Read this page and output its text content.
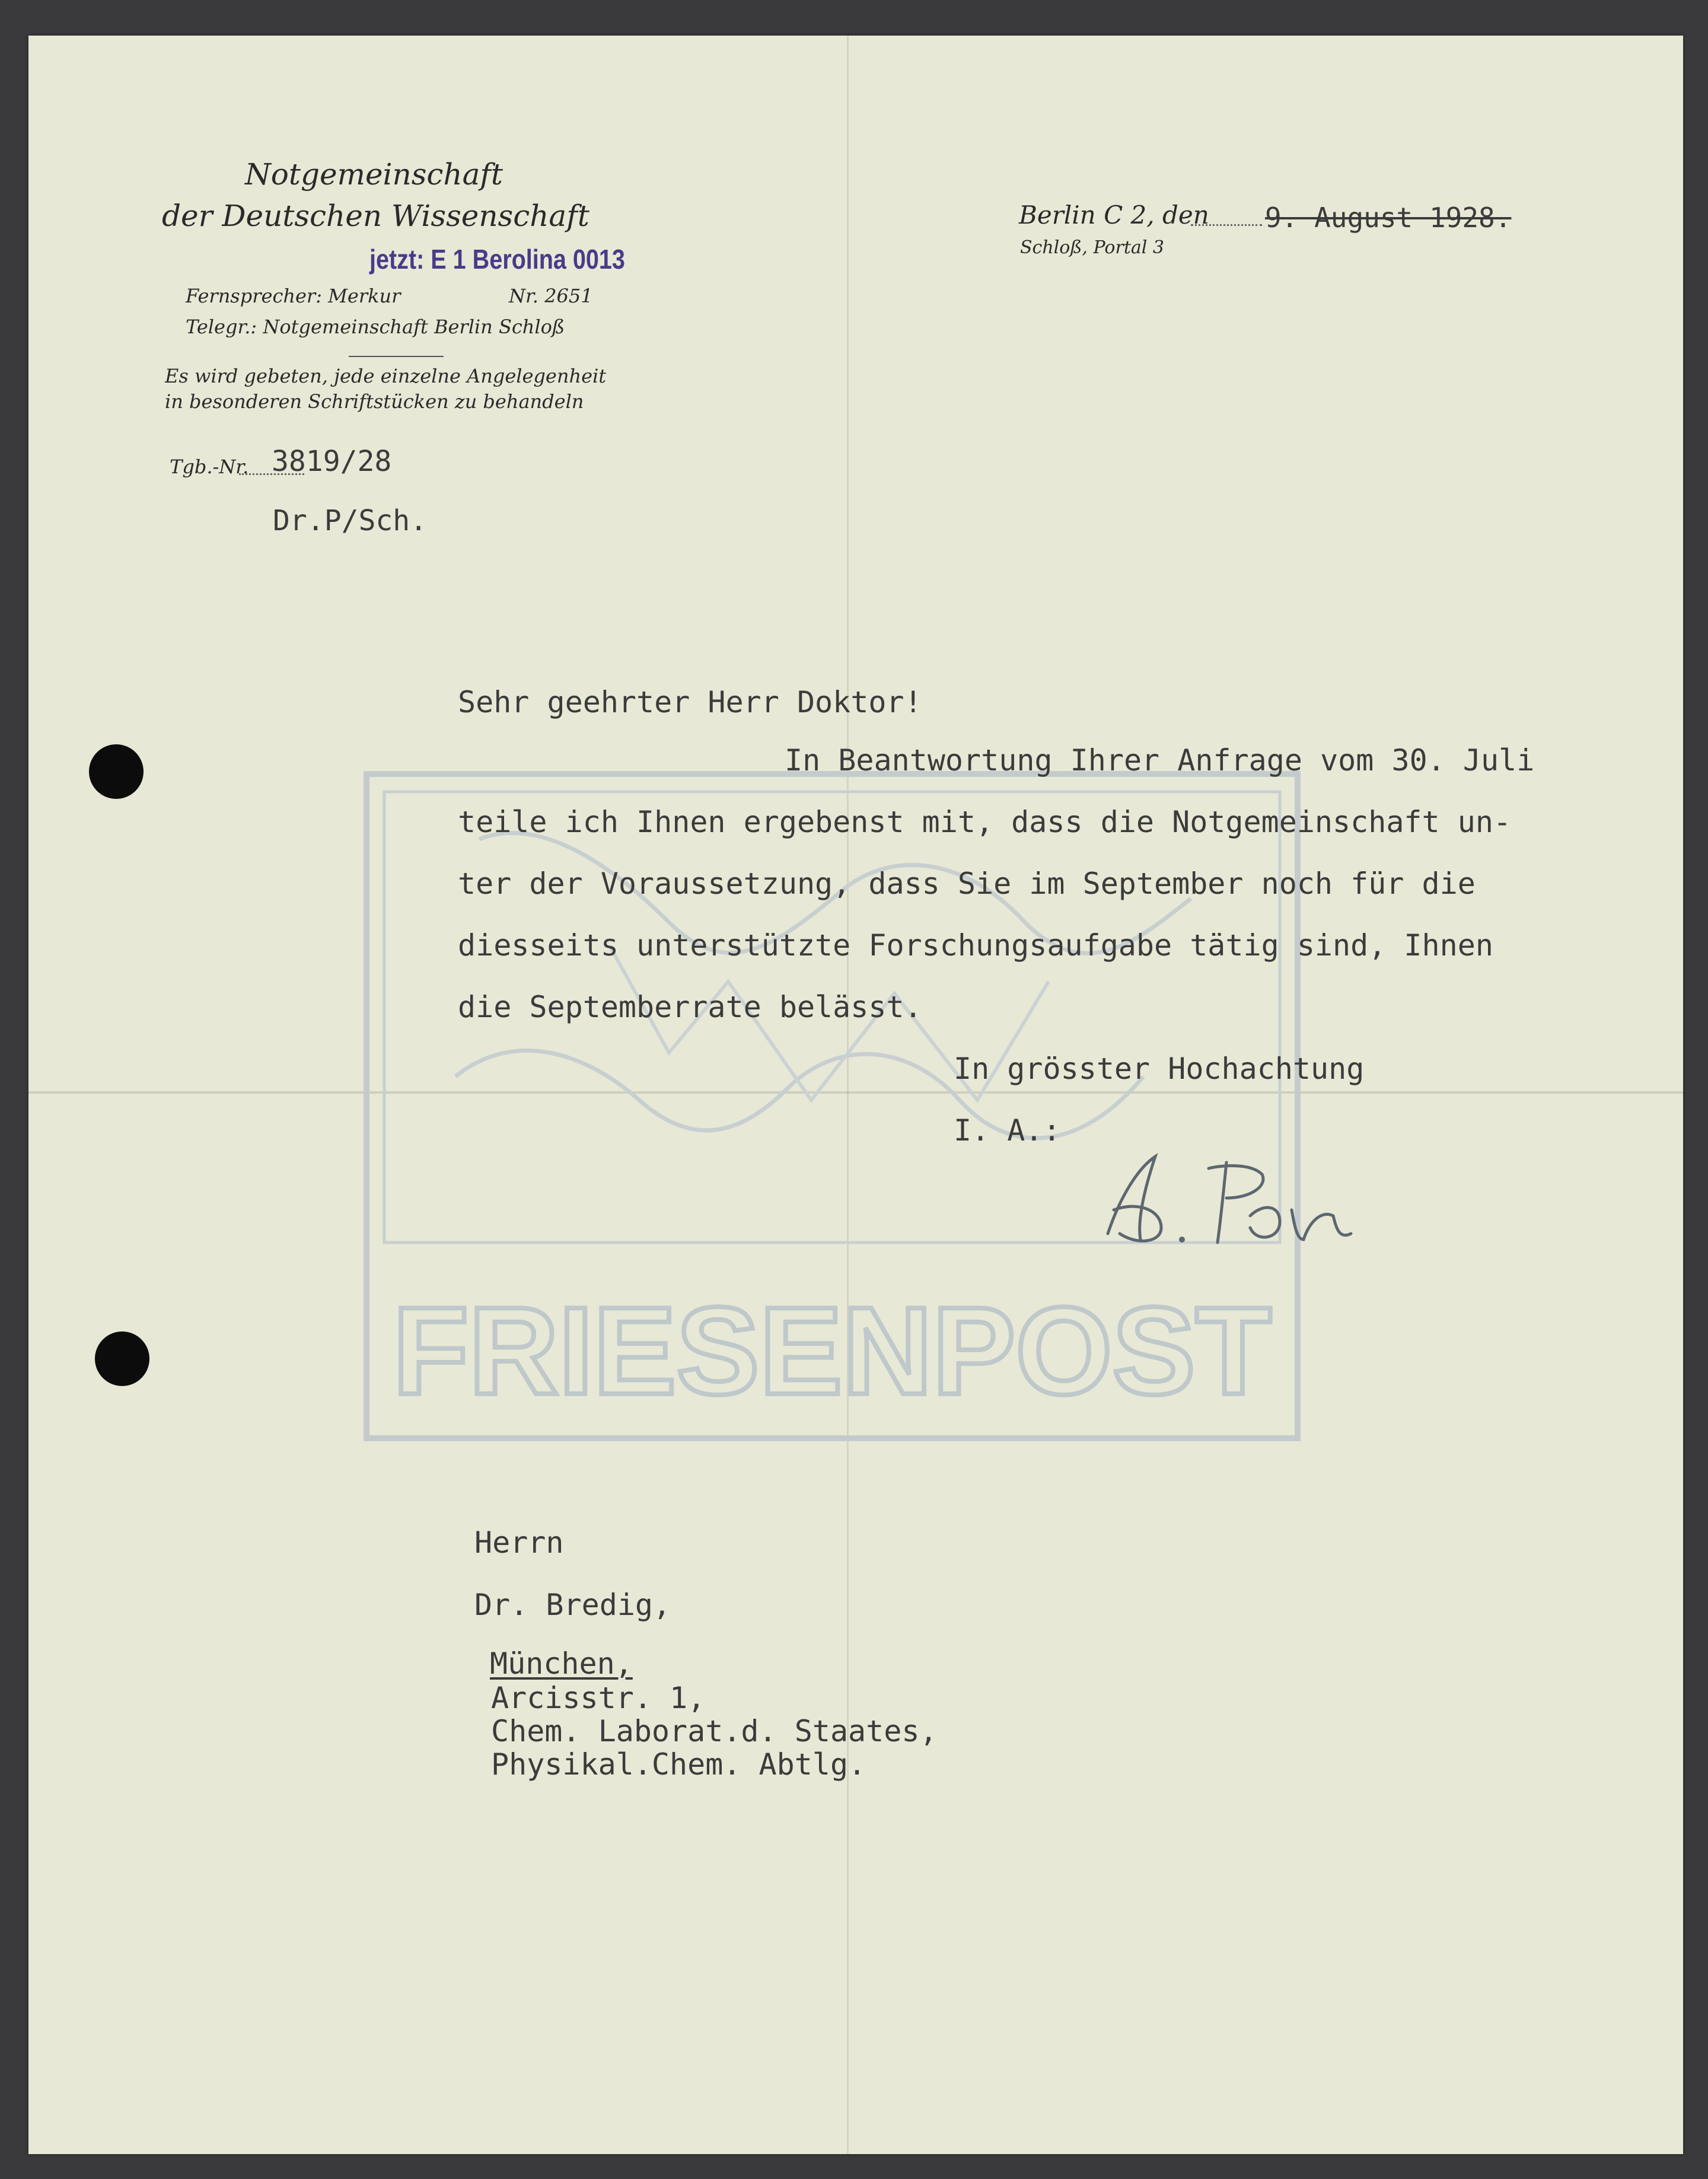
FRIESENPOST
Notgemeinschaft
der Deutschen Wissenschaft
jetzt: E 1 Berolina 0013
Fernsprecher: Merkur	Nr. 2651
Telegr.: Notgemeinschaft Berlin Schloß
Es wird gebeten, jede einzelne Angelegenheit
in besonderen Schriftstücken zu behandeln
Tgb.-Nr. 3819/28
Dr.P/Sch.
Berlin C 2, den 9. August 1928.
Schloß, Portal 3
Sehr geehrter Herr Doktor!
In Beantwortung Ihrer Anfrage vom 30. Juli
teile ich Ihnen ergebenst mit, dass die Notgemeinschaft un-
ter der Voraussetzung, dass Sie im September noch für die
diesseits unterstützte Forschungsaufgabe tätig sind, Ihnen
die Septemberrate belässt.
In grösster Hochachtung
I. A.:
Herrn
Dr. Bredig,
München,
Arcisstr. 1,
Chem. Laborat.d. Staates,
Physikal.Chem. Abtlg.
